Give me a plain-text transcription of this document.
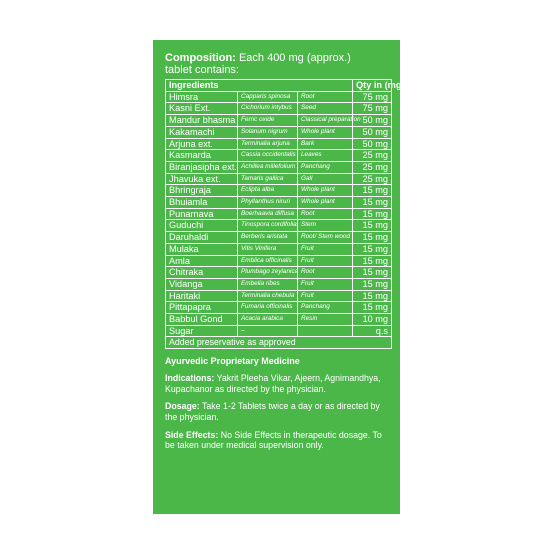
Composition: Each 400 mg (approx.)
tablet contains:
Ingredients			Qty in (mg.)
Himsra	Capparis spinosa	Root	75 mg
Kasni Ext.	Cichorium intybus	Seed	75 mg
Mandur bhasma	Ferric oxide	Classical preparation	50 mg
Kakamachi	Solanum nigrum	Whole plant	50 mg
Arjuna ext.	Terminalia arjuna	Bark	50 mg
Kasmarda	Cassia occidentalis	Leaves	25 mg
Biranjasipha ext.	Achillea millefolium	Panchang	25 mg
Jhavuka ext.	Tamaris gallica	Gall	25 mg
Bhringraja	Eclipta alba	Whole plant	15 mg
Bhuiamla	Phyllanthus niruri	Whole plant	15 mg
Punarnava	Boerhaavia diffusa	Root	15 mg
Guduchi	Tinospora cordifolia	Stem	15 mg
Daruhaldi	Berberis aristata	Root/ Stem wood	15 mg
Mulaka	Vitis Vinifera	Fruit	15 mg
Amla	Emblica officinalis	Fruit	15 mg
Chitraka	Plumbago zeylanica	Root	15 mg
Vidanga	Embelia ribes	Fruit	15 mg
Haritaki	Terminalia chebula	Fruit	15 mg
Pittapapra	Fumaria officinalis	Panchang	15 mg
Babbul Gond	Acacia arabica	Resin	10 mg
Sugar	–		q.s
Added preservative as approved			
Ayurvedic Proprietary Medicine
Indications: Yakrit Pleeha Vikar, Ajeern, Agnimandhya, Kupachanor as directed by the physician.
Dosage: Take 1-2 Tablets twice a day or as directed by the physician.
Side Effects: No Side Effects in therapeutic dosage. To be taken under medical supervision only.
